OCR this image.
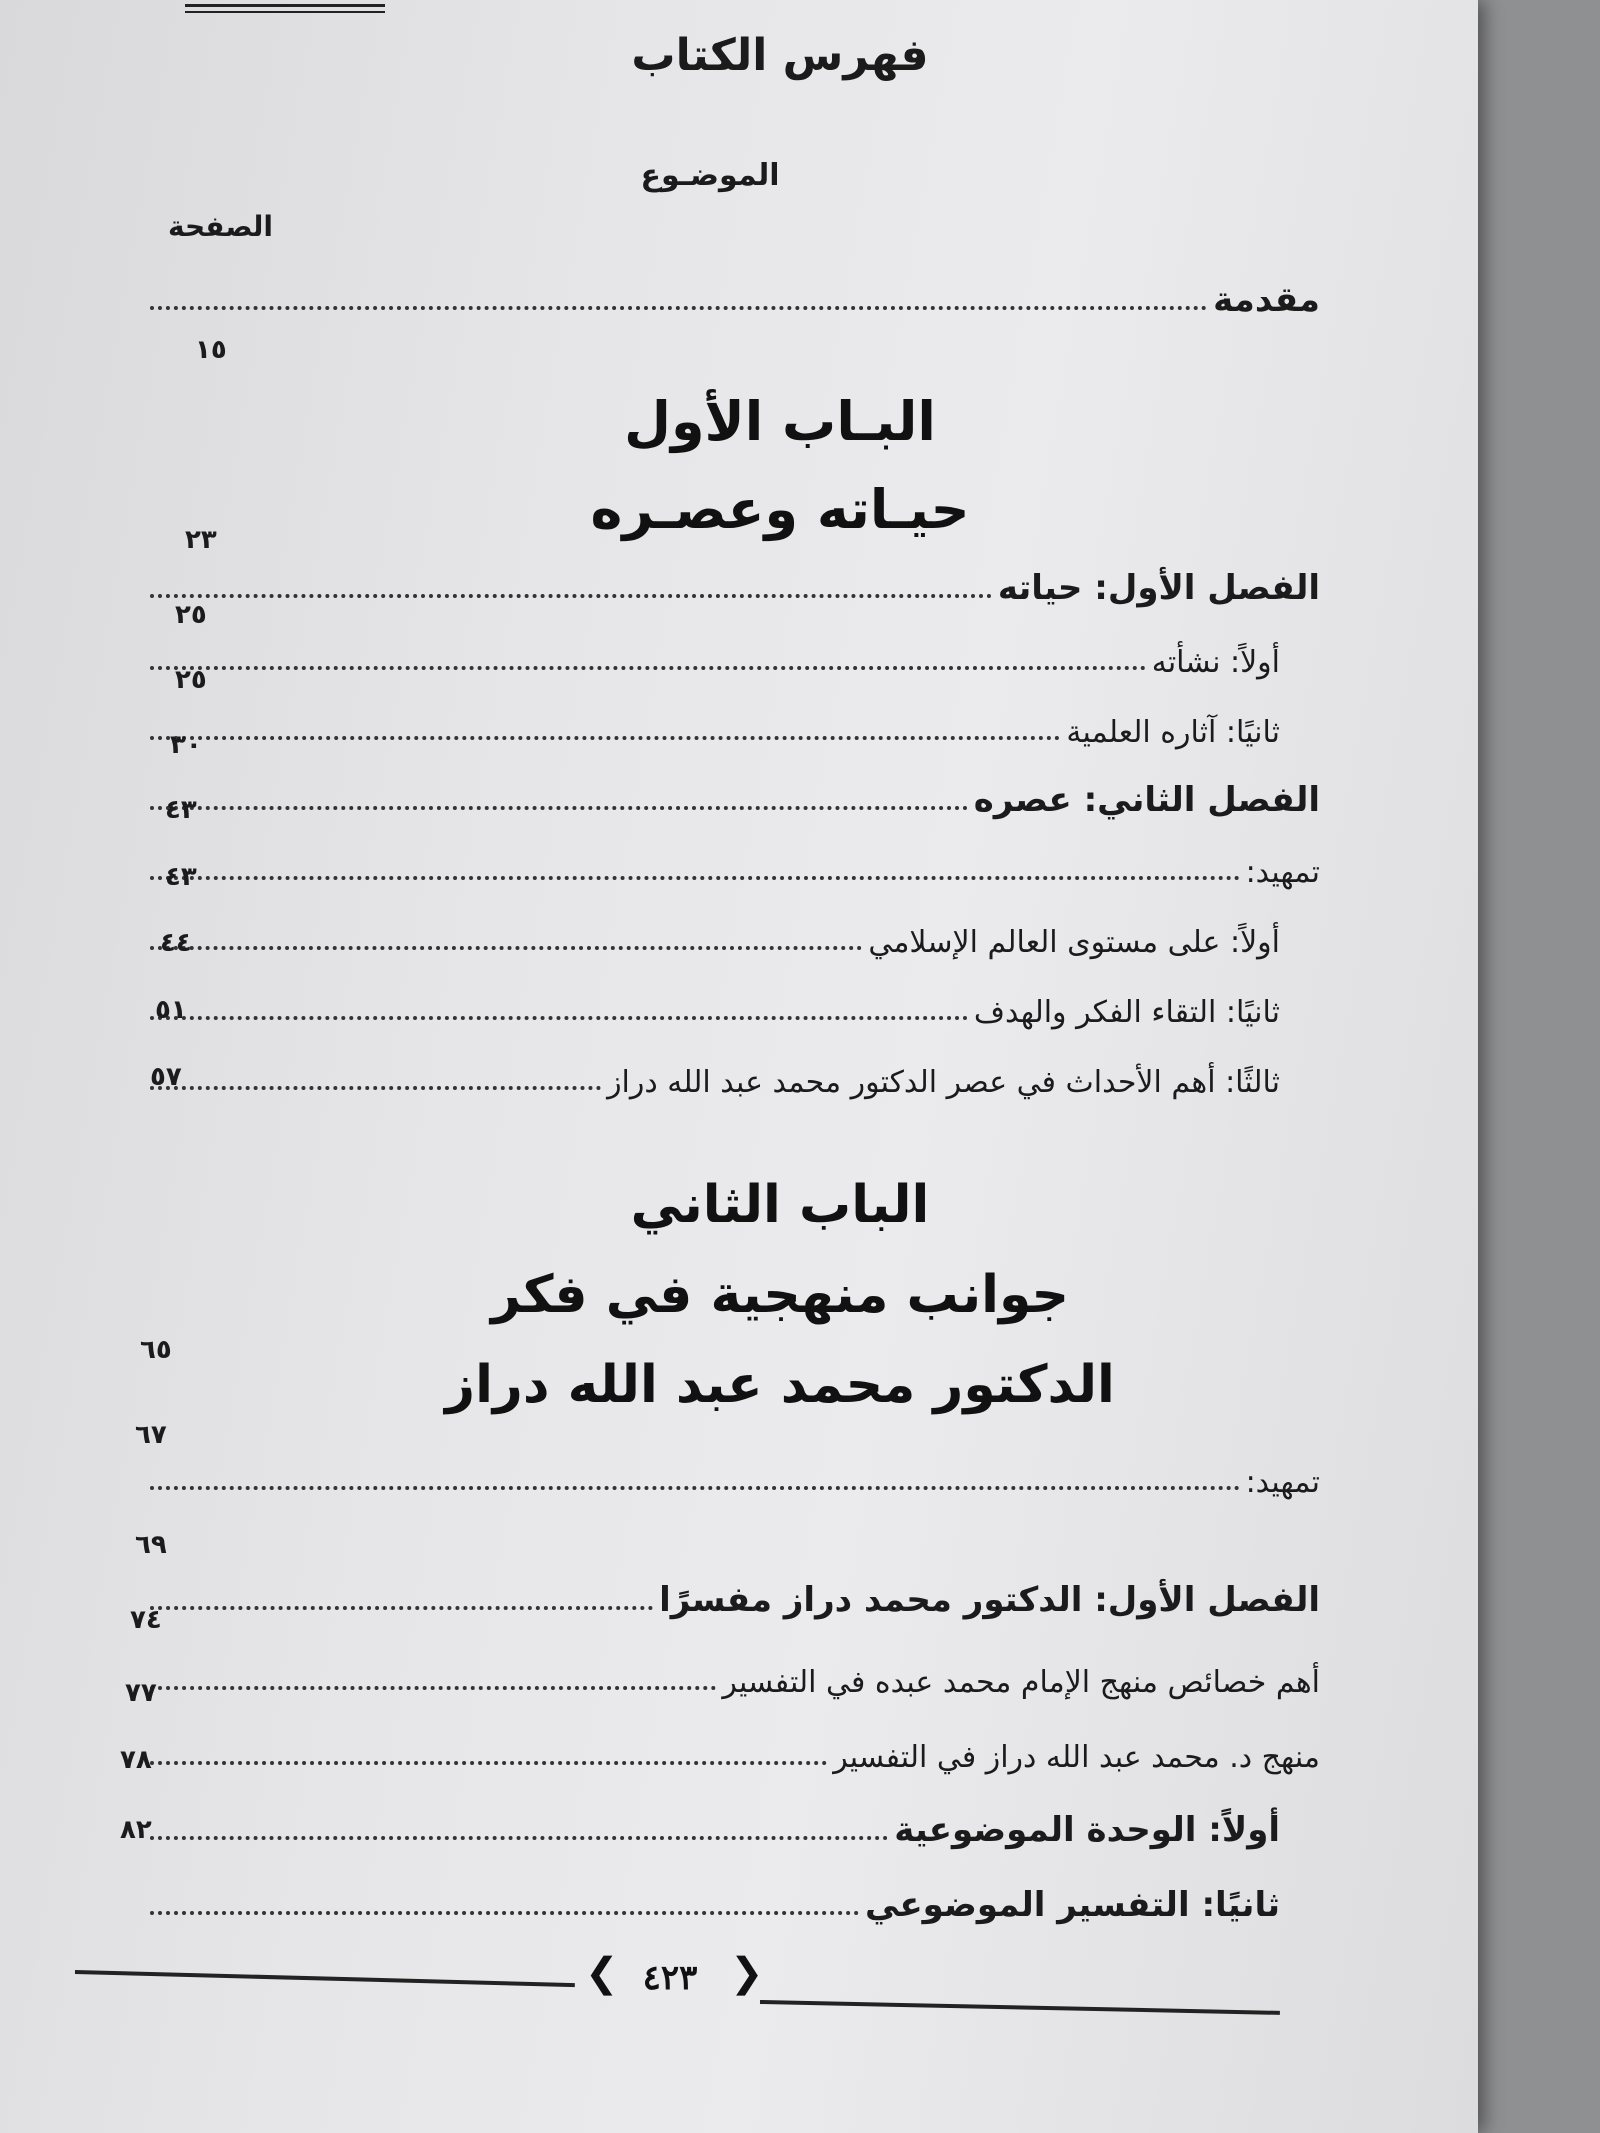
فهرس الكتاب
الموضـوع
الصفحة
مقدمة
١٥
البـاب الأول
حيـاته وعصـره
٢٣
الفصل الأول: حياته
٢٥
أولاً: نشأته
٢٥
ثانيًا: آثاره العلمية
٣٠
الفصل الثاني: عصره
٤٣
تمهيد:
٤٣
أولاً: على مستوى العالم الإسلامي
٤٤
ثانيًا: التقاء الفكر والهدف
٥١
ثالثًا: أهم الأحداث في عصر الدكتور محمد عبد الله دراز
٥٧
الباب الثاني
جوانب منهجية في فكر
الدكتور محمد عبد الله دراز
٦٥
تمهيد:
٦٧
الفصل الأول: الدكتور محمد دراز مفسرًا
٦٩
أهم خصائص منهج الإمام محمد عبده في التفسير
٧٤
منهج د. محمد عبد الله دراز في التفسير
٧٧
أولاً: الوحدة الموضوعية
٧٨
ثانيًا: التفسير الموضوعي
٨٢
❮ ٤٢٣ ❯
